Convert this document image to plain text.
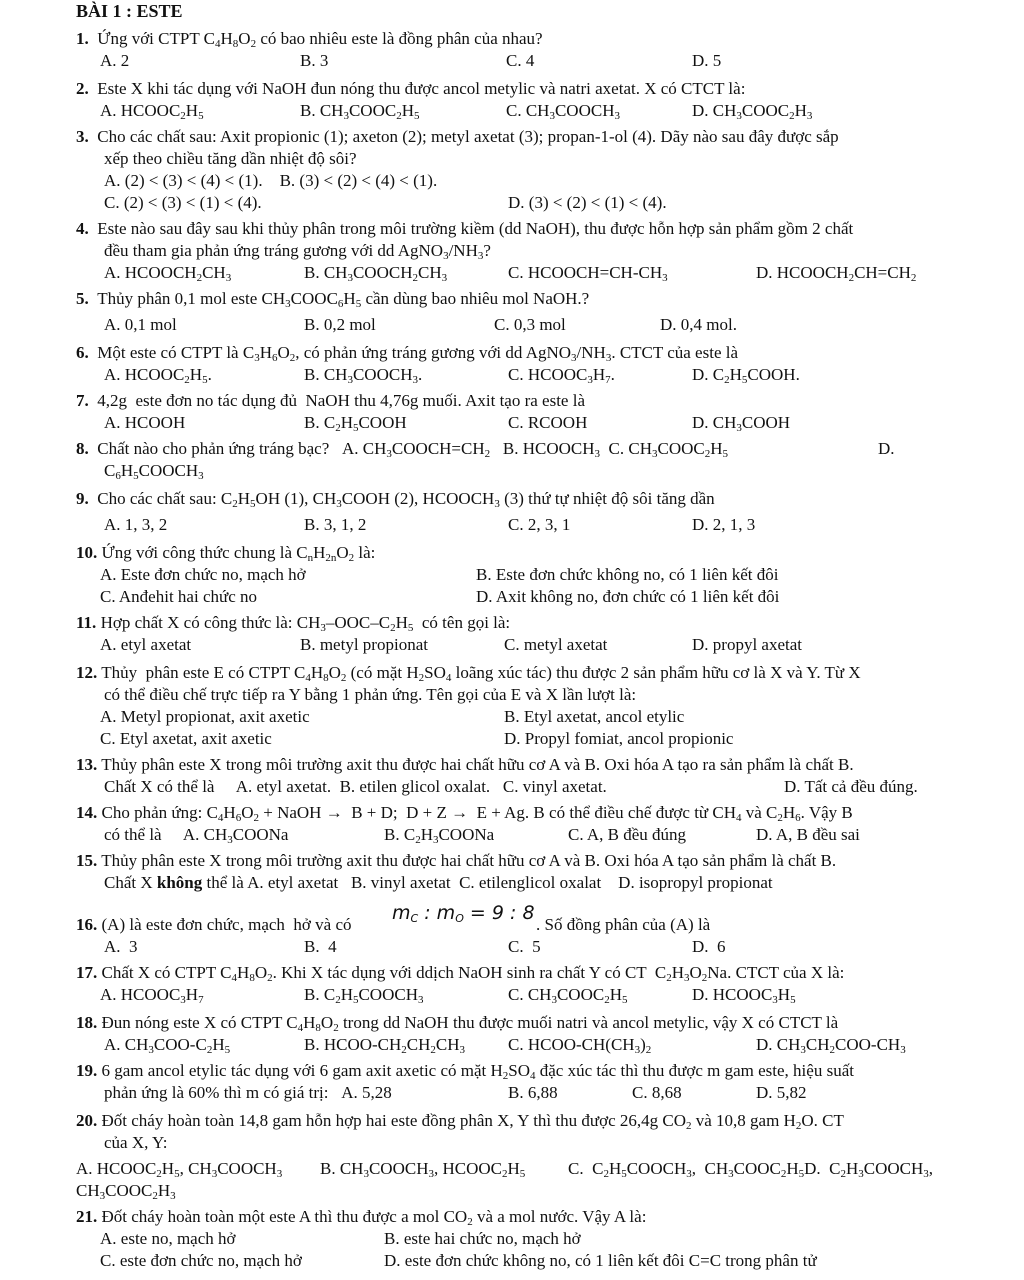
BÀI 1 : ESTE
1.  Ứng với CTPT $C_4H_8O_2$ có bao nhiêu este là đồng phân của nhau?
A. 2	B. 3	C. 4	D. 5
2.  Este X khi tác dụng với NaOH đun nóng thu được ancol metylic và natri axetat. X có CTCT là:
A. $HCOOC_2H_5$	B. $CH_3COOC_2H_5$	C. $CH_3COOCH_3$	D. $CH_3COOC_2H_3$
3.  Cho các chất sau: Axit propionic (1); axeton (2); metyl axetat (3); propan-1-ol (4). Dãy nào sau đây được sắp
xếp theo chiều tăng dần nhiệt độ sôi?
A. (2) < (3) < (4) < (1).    B. (3) < (2) < (4) < (1).
C. (2) < (3) < (1) < (4).	D. (3) < (2) < (1) < (4).
4.  Este nào sau đây sau khi thủy phân trong môi trường kiềm (dd NaOH), thu được hỗn hợp sản phẩm gồm 2 chất
đều tham gia phản ứng tráng gương với dd $AgNO_3/NH_3$?
A. $HCOOCH_2CH_3$	B. $CH_3COOCH_2CH_3$	C. $HCOOCH=CH-CH_3$	D. $HCOOCH_2CH=CH_2$
5.  Thủy phân 0,1 mol este $CH_3COOC_6H_5$ cần dùng bao nhiêu mol NaOH.?
A. 0,1 mol	B. 0,2 mol	C. 0,3 mol	D. 0,4 mol.
6.  Một este có CTPT là $C_3H_6O_2$, có phản ứng tráng gương với dd $AgNO_3/NH_3$. CTCT của este là
A. $HCOOC_2H_5$.	B. $CH_3COOCH_3$.	C. $HCOOC_3H_7$.	D. $C_2H_5COOH$.
7.  4,2g  este đơn no tác dụng đủ  NaOH thu 4,76g muối. Axit tạo ra este là
A. HCOOH	B. $C_2H_5COOH$	C. RCOOH	D. $CH_3COOH$
8.  Chất nào cho phản ứng tráng bạc?   A. $CH_3COOCH=CH_2$   B. $HCOOCH_3$  C. $CH_3COOC_2H_5$	D.
$C_6H_5COOCH_3$
9.  Cho các chất sau: $C_2H_5OH$ (1), $CH_3COOH$ (2), $HCOOCH_3$ (3) thứ tự nhiệt độ sôi tăng dần
A. 1, 3, 2	B. 3, 1, 2	C. 2, 3, 1	D. 2, 1, 3
10. Ứng với công thức chung là $C_nH_{2n}O_2$ là:
A. Este đơn chức no, mạch hở	B. Este đơn chức không no, có 1 liên kết đôi
C. Anđehit hai chức no	D. Axit không no, đơn chức có 1 liên kết đôi
11. Hợp chất X có công thức là: $CH_3-OOC-C_2H_5$  có tên gọi là:
A. etyl axetat	B. metyl propionat	C. metyl axetat	D. propyl axetat
12. Thủy  phân este E có CTPT $C_4H_8O_2$ (có mặt $H_2SO_4$ loãng xúc tác) thu được 2 sản phẩm hữu cơ là X và Y. Từ X
có thể điều chế trực tiếp ra Y bằng 1 phản ứng. Tên gọi của E và X lần lượt là:
A. Metyl propionat, axit axetic	B. Etyl axetat, ancol etylic
C. Etyl axetat, axit axetic	D. Propyl fomiat, ancol propionic
13. Thủy phân este X trong môi trường axit thu được hai chất hữu cơ A và B. Oxi hóa A tạo ra sản phẩm là chất B.
Chất X có thể là     A. etyl axetat.  B. etilen glicol oxalat.   C. vinyl axetat.	D. Tất cả đều đúng.
14. Cho phản ứng: $C_4H_6O_2$ + NaOH →  B + D;  D + Z →  E + Ag. B có thể điều chế được từ $CH_4$ và $C_2H_6$. Vậy B
có thể là     A. $CH_3COONa$	B. $C_2H_3COONa$	C. A, B đều đúng	D. A, B đều sai
15. Thủy phân este X trong môi trường axit thu được hai chất hữu cơ A và B. Oxi hóa A tạo sản phẩm là chất B.
Chất X không thể là A. etyl axetat   B. vinyl axetat  C. etilenglicol oxalat    D. isopropyl propionat
16. (A) là este đơn chức, mạch  hở và có
$m_C$ : $m_O = 9$ : 8
. Số đồng phân của (A) là
A.  3	B.  4	C.  5	D.  6
17. Chất X có CTPT $C_4H_8O_2$. Khi X tác dụng với ddịch NaOH sinh ra chất Y có CT  $C_2H_3O_2Na$. CTCT của X là:
A. $HCOOC_3H_7$	B. $C_2H_5COOCH_3$	C. $CH_3COOC_2H_5$	D. $HCOOC_3H_5$
18. Đun nóng este X có CTPT $C_4H_8O_2$ trong dd NaOH thu được muối natri và ancol metylic, vậy X có CTCT là
A. $CH_3COO-C_2H_5$	B. HCOO-$CH_2CH_2CH_3$	C. HCOO-$CH(CH_3)_2$	D. $CH_3CH_2COO-CH_3$
19. 6 gam ancol etylic tác dụng với 6 gam axit axetic có mặt $H_2SO_4$ đặc xúc tác thì thu được m gam este, hiệu suất
phản ứng là 60% thì m có giá trị:   A. 5,28	B. 6,88	C. 8,68	D. 5,82
20. Đốt cháy hoàn toàn 14,8 gam hỗn hợp hai este đồng phân X, Y thì thu được 26,4g $CO_2$ và 10,8 gam $H_2O$. CT
của X, Y:
A. $HCOOC_2H_5$, $CH_3COOCH_3$ B. $CH_3COOCH_3$, $HCOOC_2H_5$	C.  $C_2H_5COOCH_3$,  $CH_3COOC_2H_5D$.  $C_2H_3COOCH_3$,
$CH_3COOC_2H_3$
21. Đốt cháy hoàn toàn một este A thì thu được a mol $CO_2$ và a mol nước. Vậy A là:
A. este no, mạch hở	B. este hai chức no, mạch hở
C. este đơn chức no, mạch hở	D. este đơn chức không no, có 1 liên kết đôi C=C trong phân tử
